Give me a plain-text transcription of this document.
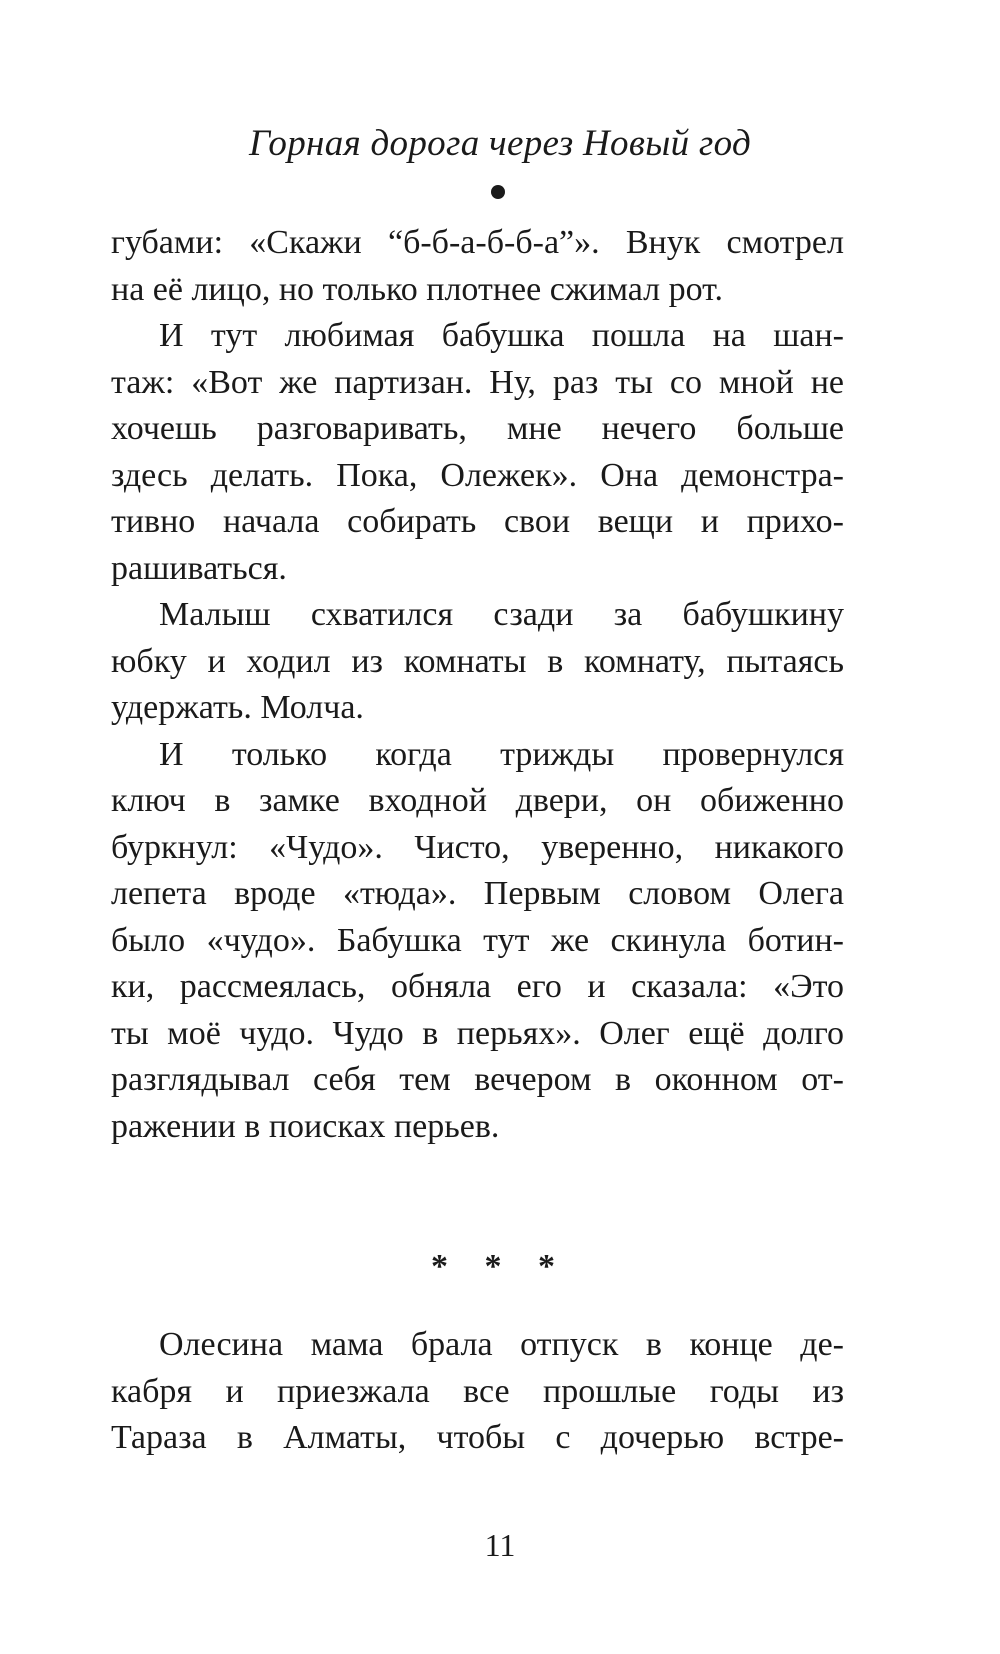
Горная дорога через Новый год

губами: «Скажи “б-б-а-б-б-а”». Внук смотрел
на её лицо, но только плотнее сжимал рот.

И тут любимая бабушка пошла на шан-
таж: «Вот же партизан. Ну, раз ты со мной не
хочешь разговаривать, мне нечего больше
здесь делать. Пока, Олежек». Она демонстра-
тивно начала собирать свои вещи и прихо-
рашиваться.

Малыш схватился сзади за бабушкину
юбку и ходил из комнаты в комнату, пытаясь
удержать. Молча.

И только когда трижды провернулся
ключ в замке входной двери, он обиженно
буркнул: «Чудо». Чисто, уверенно, никакого
лепета вроде «тюда». Первым словом Олега
было «чудо». Бабушка тут же скинула ботин-
ки, рассмеялась, обняла его и сказала: «Это
ты моё чудо. Чудо в перьях». Олег ещё долго
разглядывал себя тем вечером в оконном от-
ражении в поисках перьев.

* * *

Олесина мама брала отпуск в конце де-
кабря и приезжала все прошлые годы из
Тараза в Алматы, чтобы с дочерью встре-

11
